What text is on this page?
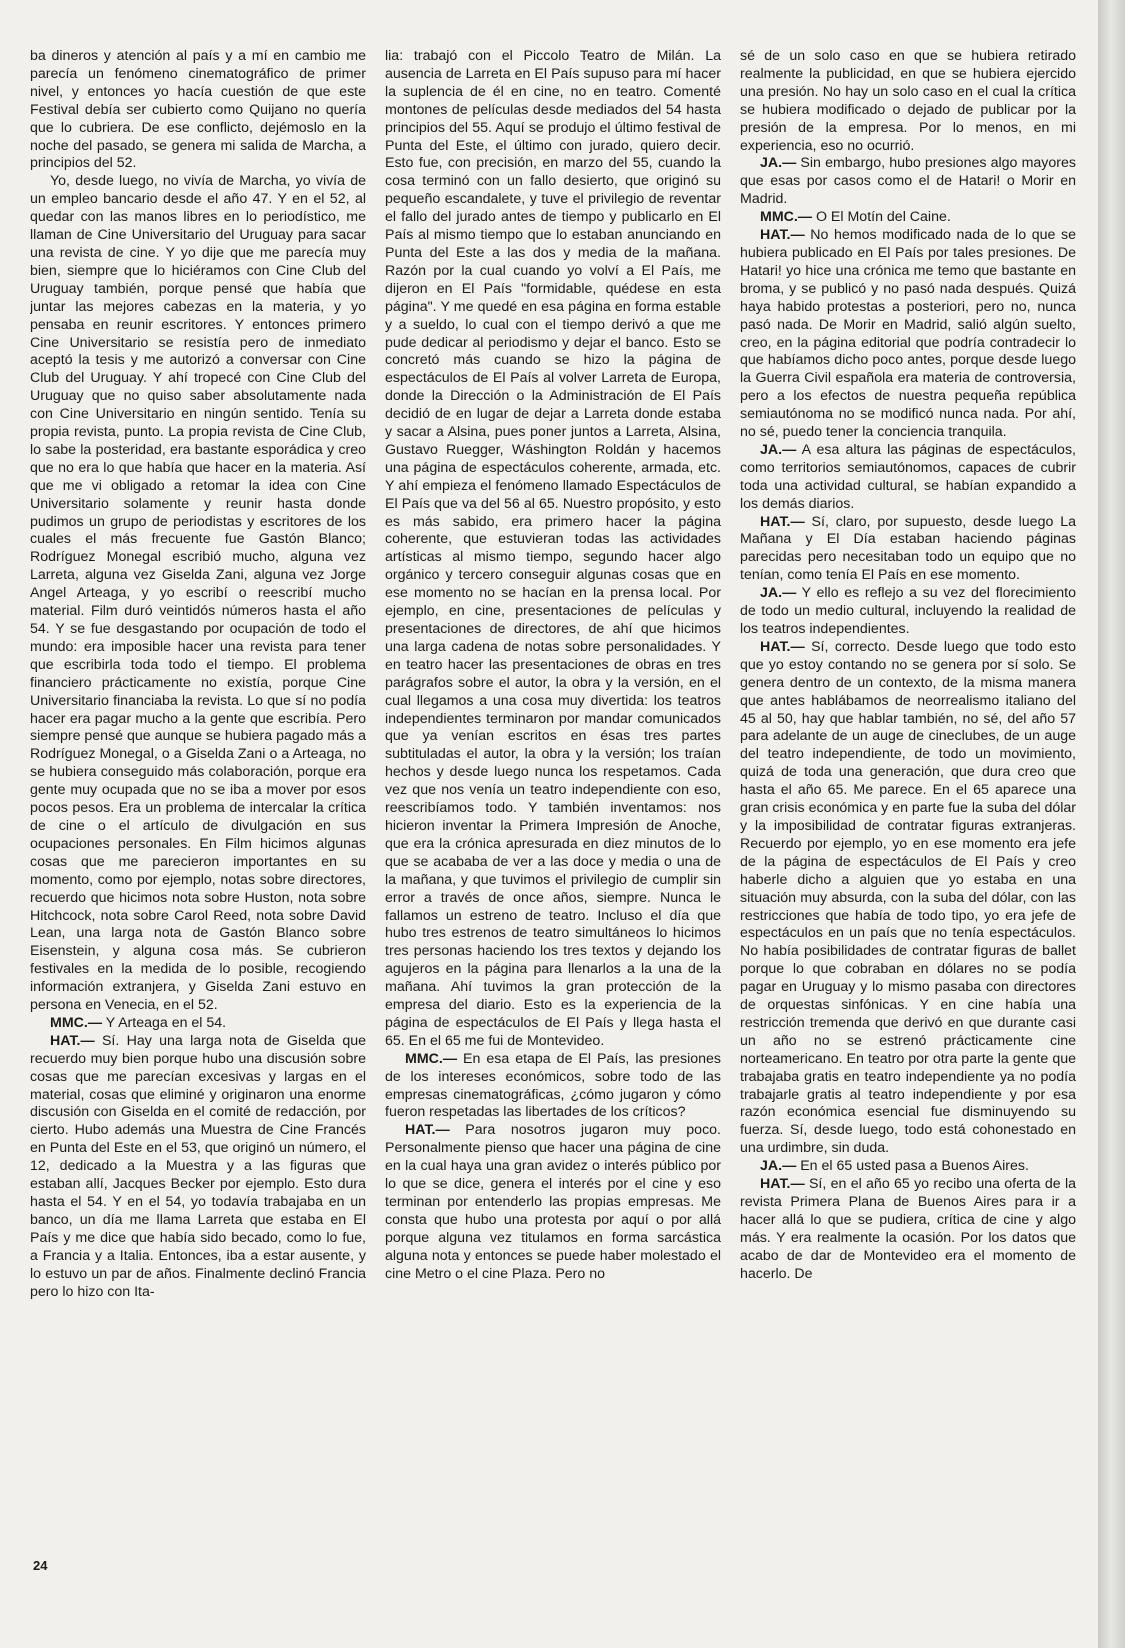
ba dineros y atención al país y a mí en cambio me parecía un fenómeno cinematográfico de primer nivel, y entonces yo hacía cuestión de que este Festival debía ser cubierto como Quijano no quería que lo cubriera. De ese conflicto, dejémoslo en la noche del pasado, se genera mi salida de Marcha, a principios del 52.

Yo, desde luego, no vivía de Marcha, yo vivía de un empleo bancario desde el año 47. Y en el 52, al quedar con las manos libres en lo periodístico, me llaman de Cine Universitario del Uruguay para sacar una revista de cine. Y yo dije que me parecía muy bien, siempre que lo hiciéramos con Cine Club del Uruguay también, porque pensé que había que juntar las mejores cabezas en la materia, y yo pensaba en reunir escritores. Y entonces primero Cine Universitario se resistía pero de inmediato aceptó la tesis y me autorizó a conversar con Cine Club del Uruguay. Y ahí tropecé con Cine Club del Uruguay que no quiso saber absolutamente nada con Cine Universitario en ningún sentido. Tenía su propia revista, punto. La propia revista de Cine Club, lo sabe la posteridad, era bastante esporádica y creo que no era lo que había que hacer en la materia. Así que me vi obligado a retomar la idea con Cine Universitario solamente y reunir hasta donde pudimos un grupo de periodistas y escritores de los cuales el más frecuente fue Gastón Blanco; Rodríguez Monegal escribió mucho, alguna vez Larreta, alguna vez Giselda Zani, alguna vez Jorge Angel Arteaga, y yo escribí o reescribí mucho material. Film duró veintidós números hasta el año 54. Y se fue desgastando por ocupación de todo el mundo: era imposible hacer una revista para tener que escribirla toda todo el tiempo. El problema financiero prácticamente no existía, porque Cine Universitario financiaba la revista. Lo que sí no podía hacer era pagar mucho a la gente que escribía. Pero siempre pensé que aunque se hubiera pagado más a Rodríguez Monegal, o a Giselda Zani o a Arteaga, no se hubiera conseguido más colaboración, porque era gente muy ocupada que no se iba a mover por esos pocos pesos. Era un problema de intercalar la crítica de cine o el artículo de divulgación en sus ocupaciones personales. En Film hicimos algunas cosas que me parecieron importantes en su momento, como por ejemplo, notas sobre directores, recuerdo que hicimos nota sobre Huston, nota sobre Hitchcock, nota sobre Carol Reed, nota sobre David Lean, una larga nota de Gastón Blanco sobre Eisenstein, y alguna cosa más. Se cubrieron festivales en la medida de lo posible, recogiendo información extranjera, y Giselda Zani estuvo en persona en Venecia, en el 52.

MMC.— Y Arteaga en el 54.

HAT.— Sí. Hay una larga nota de Giselda que recuerdo muy bien porque hubo una discusión sobre cosas que me parecían excesivas y largas en el material, cosas que eliminé y originaron una enorme discusión con Giselda en el comité de redacción, por cierto. Hubo además una Muestra de Cine Francés en Punta del Este en el 53, que originó un número, el 12, dedicado a la Muestra y a las figuras que estaban allí, Jacques Becker por ejemplo. Esto dura hasta el 54. Y en el 54, yo todavía trabajaba en un banco, un día me llama Larreta que estaba en El País y me dice que había sido becado, como lo fue, a Francia y a Italia. Entonces, iba a estar ausente, y lo estuvo un par de años. Finalmente declinó Francia pero lo hizo con Ita-

lia: trabajó con el Piccolo Teatro de Milán. La ausencia de Larreta en El País supuso para mí hacer la suplencia de él en cine, no en teatro. Comenté montones de películas desde mediados del 54 hasta principios del 55. Aquí se produjo el último festival de Punta del Este, el último con jurado, quiero decir. Esto fue, con precisión, en marzo del 55, cuando la cosa terminó con un fallo desierto, que originó su pequeño escandalete, y tuve el privilegio de reventar el fallo del jurado antes de tiempo y publicarlo en El País al mismo tiempo que lo estaban anunciando en Punta del Este a las dos y media de la mañana. Razón por la cual cuando yo volví a El País, me dijeron en El País "formidable, quédese en esta página". Y me quedé en esa página en forma estable y a sueldo, lo cual con el tiempo derivó a que me pude dedicar al periodismo y dejar el banco. Esto se concretó más cuando se hizo la página de espectáculos de El País al volver Larreta de Europa, donde la Dirección o la Administración de El País decidió de en lugar de dejar a Larreta donde estaba y sacar a Alsina, pues poner juntos a Larreta, Alsina, Gustavo Ruegger, Wáshington Roldán y hacemos una página de espectáculos coherente, armada, etc. Y ahí empieza el fenómeno llamado Espectáculos de El País que va del 56 al 65. Nuestro propósito, y esto es más sabido, era primero hacer la página coherente, que estuvieran todas las actividades artísticas al mismo tiempo, segundo hacer algo orgánico y tercero conseguir algunas cosas que en ese momento no se hacían en la prensa local. Por ejemplo, en cine, presentaciones de películas y presentaciones de directores, de ahí que hicimos una larga cadena de notas sobre personalidades. Y en teatro hacer las presentaciones de obras en tres parágrafos sobre el autor, la obra y la versión, en el cual llegamos a una cosa muy divertida: los teatros independientes terminaron por mandar comunicados que ya venían escritos en ésas tres partes subtituladas el autor, la obra y la versión; los traían hechos y desde luego nunca los respetamos. Cada vez que nos venía un teatro independiente con eso, reescribíamos todo. Y también inventamos: nos hicieron inventar la Primera Impresión de Anoche, que era la crónica apresurada en diez minutos de lo que se acababa de ver a las doce y media o una de la mañana, y que tuvimos el privilegio de cumplir sin error a través de once años, siempre. Nunca le fallamos un estreno de teatro. Incluso el día que hubo tres estrenos de teatro simultáneos lo hicimos tres personas haciendo los tres textos y dejando los agujeros en la página para llenarlos a la una de la mañana. Ahí tuvimos la gran protección de la empresa del diario. Esto es la experiencia de la página de espectáculos de El País y llega hasta el 65. En el 65 me fui de Montevideo.

MMC.— En esa etapa de El País, las presiones de los intereses económicos, sobre todo de las empresas cinematográficas, ¿cómo jugaron y cómo fueron respetadas las libertades de los críticos?

HAT.— Para nosotros jugaron muy poco. Personalmente pienso que hacer una página de cine en la cual haya una gran avidez o interés público por lo que se dice, genera el interés por el cine y eso terminan por entenderlo las propias empresas. Me consta que hubo una protesta por aquí o por allá porque alguna vez titulamos en forma sarcástica alguna nota y entonces se puede haber molestado el cine Metro o el cine Plaza. Pero no

sé de un solo caso en que se hubiera retirado realmente la publicidad, en que se hubiera ejercido una presión. No hay un solo caso en el cual la crítica se hubiera modificado o dejado de publicar por la presión de la empresa. Por lo menos, en mi experiencia, eso no ocurrió.

JA.— Sin embargo, hubo presiones algo mayores que esas por casos como el de Hatari! o Morir en Madrid.

MMC.— O El Motín del Caine.

HAT.— No hemos modificado nada de lo que se hubiera publicado en El País por tales presiones. De Hatari! yo hice una crónica me temo que bastante en broma, y se publicó y no pasó nada después. Quizá haya habido protestas a posteriori, pero no, nunca pasó nada. De Morir en Madrid, salió algún suelto, creo, en la página editorial que podría contradecir lo que habíamos dicho poco antes, porque desde luego la Guerra Civil española era materia de controversia, pero a los efectos de nuestra pequeña república semiautónoma no se modificó nunca nada. Por ahí, no sé, puedo tener la conciencia tranquila.

JA.— A esa altura las páginas de espectáculos, como territorios semiautónomos, capaces de cubrir toda una actividad cultural, se habían expandido a los demás diarios.

HAT.— Sí, claro, por supuesto, desde luego La Mañana y El Día estaban haciendo páginas parecidas pero necesitaban todo un equipo que no tenían, como tenía El País en ese momento.

JA.— Y ello es reflejo a su vez del florecimiento de todo un medio cultural, incluyendo la realidad de los teatros independientes.

HAT.— Sí, correcto. Desde luego que todo esto que yo estoy contando no se genera por sí solo. Se genera dentro de un contexto, de la misma manera que antes hablábamos de neorrealismo italiano del 45 al 50, hay que hablar también, no sé, del año 57 para adelante de un auge de cineclubes, de un auge del teatro independiente, de todo un movimiento, quizá de toda una generación, que dura creo que hasta el año 65. Me parece. En el 65 aparece una gran crisis económica y en parte fue la suba del dólar y la imposibilidad de contratar figuras extranjeras. Recuerdo por ejemplo, yo en ese momento era jefe de la página de espectáculos de El País y creo haberle dicho a alguien que yo estaba en una situación muy absurda, con la suba del dólar, con las restricciones que había de todo tipo, yo era jefe de espectáculos en un país que no tenía espectáculos. No había posibilidades de contratar figuras de ballet porque lo que cobraban en dólares no se podía pagar en Uruguay y lo mismo pasaba con directores de orquestas sinfónicas. Y en cine había una restricción tremenda que derivó en que durante casi un año no se estrenó prácticamente cine norteamericano. En teatro por otra parte la gente que trabajaba gratis en teatro independiente ya no podía trabajarle gratis al teatro independiente y por esa razón económica esencial fue disminuyendo su fuerza. Sí, desde luego, todo está cohonestado en una urdimbre, sin duda.

JA.— En el 65 usted pasa a Buenos Aires.

HAT.— Sí, en el año 65 yo recibo una oferta de la revista Primera Plana de Buenos Aires para ir a hacer allá lo que se pudiera, crítica de cine y algo más. Y era realmente la ocasión. Por los datos que acabo de dar de Montevideo era el momento de hacerlo. De

24
